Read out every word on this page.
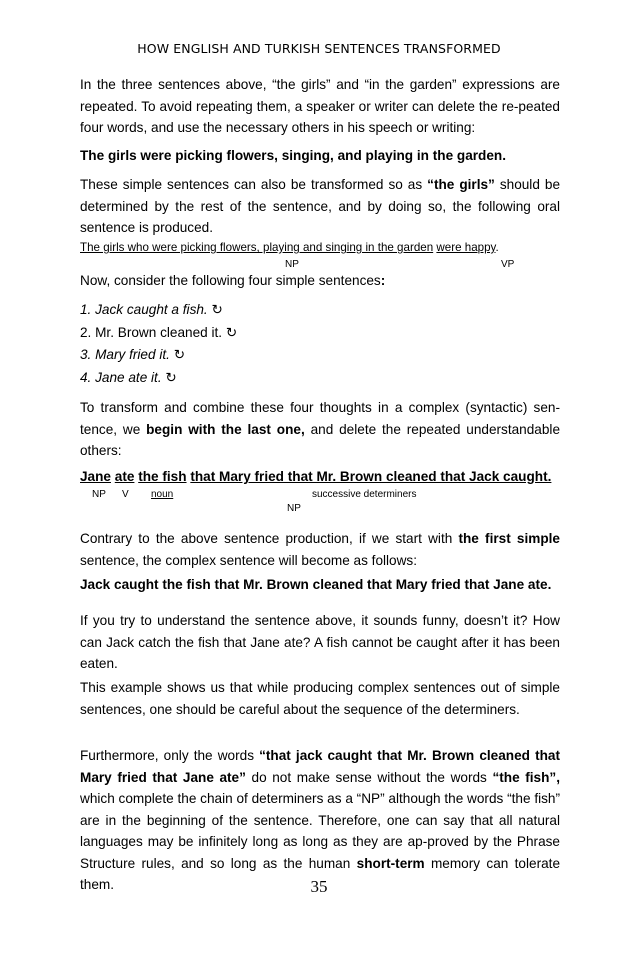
HOW ENGLISH AND TURKISH SENTENCES TRANSFORMED

In the three sentences above, “the girls” and “in the garden” expressions are repeated. To avoid repeating them, a speaker or writer can delete the re-peated four words, and use the necessary others in his speech or writing:

The girls were picking flowers, singing, and playing in the garden.

These simple sentences can also be transformed so as “the girls” should be determined by the rest of the sentence, and by doing so, the following oral sentence is produced.

The girls who were picking flowers, playing and singing in the garden were happy.
NP	VP

Now, consider the following four simple sentences:

1. Jack caught a fish. ↻
2. Mr. Brown cleaned it. ↻
3. Mary fried it. ↻
4. Jane ate it. ↻

To transform and combine these four thoughts in a complex (syntactic) sen-tence, we begin with the last one, and delete the repeated understandable others:

Jane ate the fish that Mary fried that Mr. Brown cleaned that Jack caught.
NP V noun	successive determiners
NP

Contrary to the above sentence production, if we start with the first simple sentence, the complex sentence will become as follows:

Jack caught the fish that Mr. Brown cleaned that Mary fried that Jane ate.

If you try to understand the sentence above, it sounds funny, doesn’t it? How can Jack catch the fish that Jane ate? A fish cannot be caught after it has been eaten.

This example shows us that while producing complex sentences out of simple sentences, one should be careful about the sequence of the determiners.

Furthermore, only the words “that jack caught that Mr. Brown cleaned that Mary fried that Jane ate” do not make sense without the words “the fish”, which complete the chain of determiners as a “NP” although the words “the fish” are in the beginning of the sentence. Therefore, one can say that all natural languages may be infinitely long as long as they are ap-proved by the Phrase Structure rules, and so long as the human short-term memory can tolerate them.	35
